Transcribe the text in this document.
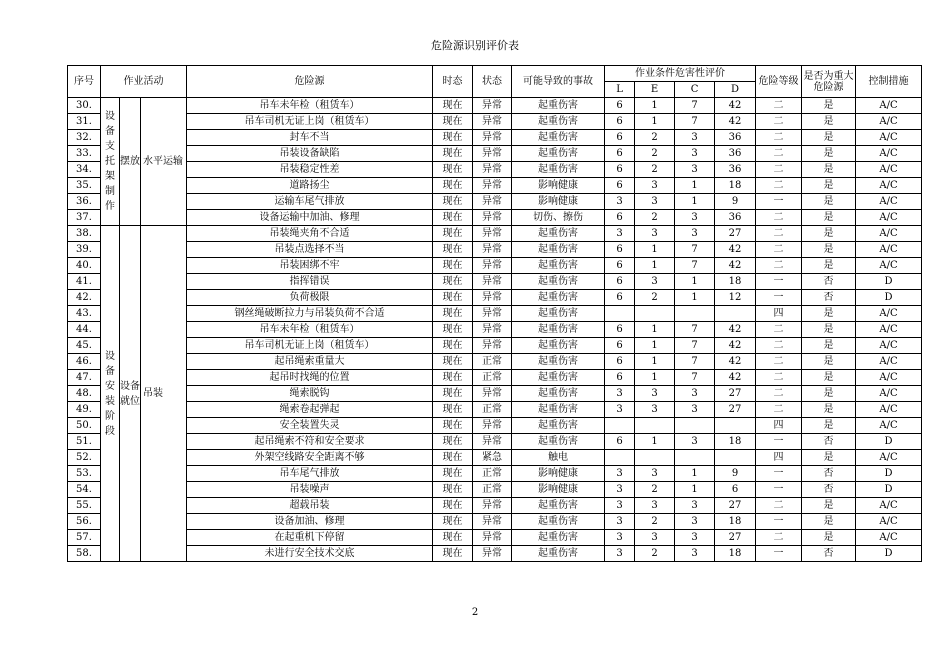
危险源识别评价表
序号	作业活动			危险源	时态	状态	可能导致的事故	作业条件危害性评价				危险等级	是否为重大危险源	控制措施
								L	E	C	D			
30.	设备支托架制作	摆放	水平运输	吊车未年检（租赁车）	现在	异常	起重伤害	6	1	7	42	二	是	A/C
31.				吊车司机无证上岗（租赁车）	现在	异常	起重伤害	6	1	7	42	二	是	A/C
32.				封车不当	现在	异常	起重伤害	6	2	3	36	二	是	A/C
33.				吊装设备缺陷	现在	异常	起重伤害	6	2	3	36	二	是	A/C
34.				吊装稳定性差	现在	异常	起重伤害	6	2	3	36	二	是	A/C
35.				道路扬尘	现在	异常	影响健康	6	3	1	18	二	是	A/C
36.				运输车尾气排放	现在	异常	影响健康	3	3	1	9	一	是	A/C
37.				设备运输中加油、修理	现在	异常	切伤、擦伤	6	2	3	36	二	是	A/C
38.	设备安装 阶段	设备就位	吊装	吊装绳夹角不合适	现在	异常	起重伤害	3	3	3	27	二	是	A/C
39.				吊装点选择不当	现在	异常	起重伤害	6	1	7	42	二	是	A/C
40.				吊装困绑不牢	现在	异常	起重伤害	6	1	7	42	二	是	A/C
41.				指挥错误	现在	异常	起重伤害	6	3	1	18	一	否	D
42.				负荷极限	现在	异常	起重伤害	6	2	1	12	一	否	D
43.				钢丝绳破断拉力与吊装负荷不合适	现在	异常	起重伤害					四	是	A/C
44.				吊车未年检（租赁车）	现在	异常	起重伤害	6	1	7	42	二	是	A/C
45.				吊车司机无证上岗（租赁车）	现在	异常	起重伤害	6	1	7	42	二	是	A/C
46.				起吊绳索重量大	现在	正常	起重伤害	6	1	7	42	二	是	A/C
47.				起吊时找绳的位置	现在	正常	起重伤害	6	1	7	42	二	是	A/C
48.				绳索脱钩	现在	异常	起重伤害	3	3	3	27	二	是	A/C
49.				绳索卷起弹起	现在	正常	起重伤害	3	3	3	27	二	是	A/C
50.				安全装置失灵	现在	异常	起重伤害					四	是	A/C
51.				起吊绳索不符和安全要求	现在	异常	起重伤害	6	1	3	18	一	否	D
52.				外架空线路安全距离不够	现在	紧急	触电					四	是	A/C
53.				吊车尾气排放	现在	正常	影响健康	3	3	1	9	一	否	D
54.				吊装噪声	现在	正常	影响健康	3	2	1	6	一	否	D
55.				超载吊装	现在	异常	起重伤害	3	3	3	27	二	是	A/C
56.				设备加油、修理	现在	异常	起重伤害	3	2	3	18	一	是	A/C
57.				在起重机下停留	现在	异常	起重伤害	3	3	3	27	二	是	A/C
58.				未进行安全技术交底	现在	异常	起重伤害	3	2	3	18	一	否	D
2
